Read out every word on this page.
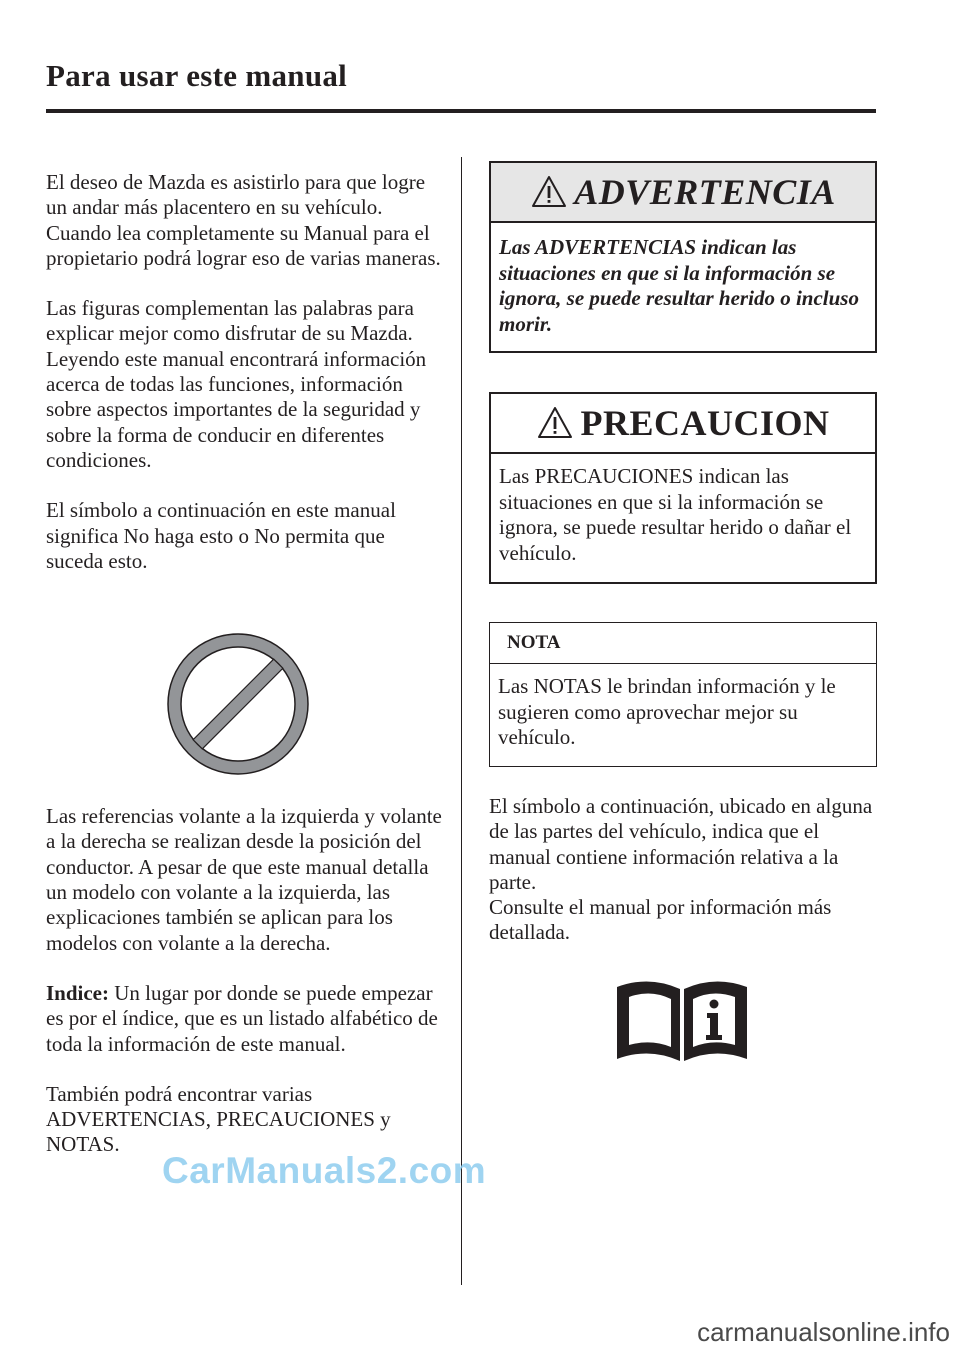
Para usar este manual

El deseo de Mazda es asistirlo para que logre un andar más placentero en su vehículo. Cuando lea completamente su Manual para el propietario podrá lograr eso de varias maneras.

Las figuras complementan las palabras para explicar mejor como disfrutar de su Mazda. Leyendo este manual encontrará información acerca de todas las funciones, información sobre aspectos importantes de la seguridad y sobre la forma de conducir en diferentes condiciones.

El símbolo a continuación en este manual significa No haga esto o No permita que suceda esto.

Las referencias volante a la izquierda y volante a la derecha se realizan desde la posición del conductor. A pesar de que este manual detalla un modelo con volante a la izquierda, las explicaciones también se aplican para los modelos con volante a la derecha.

Indice: Un lugar por donde se puede empezar es por el índice, que es un listado alfabético de toda la información de este manual.

También podrá encontrar varias ADVERTENCIAS, PRECAUCIONES y NOTAS.

ADVERTENCIA
Las ADVERTENCIAS indican las situaciones en que si la información se ignora, se puede resultar herido o incluso morir.
PRECAUCION
Las PRECAUCIONES indican las situaciones en que si la información se ignora, se puede resultar herido o dañar el vehículo.
NOTA
Las NOTAS le brindan información y le sugieren como aprovechar mejor su vehículo.

El símbolo a continuación, ubicado en alguna de las partes del vehículo, indica que el manual contiene información relativa a la parte.

Consulte el manual por información más detallada.

CarManuals2.com
carmanualsonline.info
